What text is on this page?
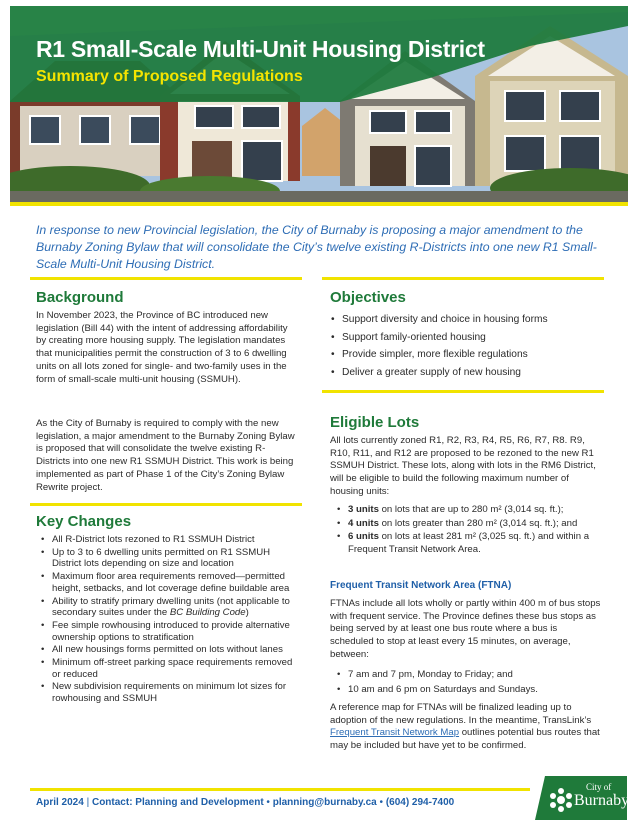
R1 Small-Scale Multi-Unit Housing District
Summary of Proposed Regulations

In response to new Provincial legislation, the City of Burnaby is proposing a major amendment to the Burnaby Zoning Bylaw that will consolidate the City’s twelve existing R-Districts into one new R1 Small-Scale Multi-Unit Housing District.

Background

In November 2023, the Province of BC introduced new legislation (Bill 44) with the intent of addressing affordability by creating more housing supply. The legislation mandates that municipalities permit the construction of 3 to 6 dwelling units on all lots zoned for single- and two-family uses in the form of small-scale multi-unit housing (SSMUH).

As the City of Burnaby is required to comply with the new legislation, a major amendment to the Burnaby Zoning Bylaw is proposed that will consolidate the twelve existing R-Districts into one new R1 SSMUH District. This work is being implemented as part of Phase 1 of the City’s Zoning Bylaw Rewrite project.

Key Changes
• All R-District lots rezoned to R1 SSMUH District
• Up to 3 to 6 dwelling units permitted on R1 SSMUH District lots depending on size and location
• Maximum floor area requirements removed—permitted height, setbacks, and lot coverage define buildable area
• Ability to stratify primary dwelling units (not applicable to secondary suites under the BC Building Code)
• Fee simple rowhousing introduced to provide alternative ownership options to stratification
• All new housings forms permitted on lots without lanes
• Minimum off-street parking space requirements removed or reduced
• New subdivision requirements on minimum lot sizes for rowhousing and SSMUH
Objectives
• Support diversity and choice in housing forms
• Support family-oriented housing
• Provide simpler, more flexible regulations
• Deliver a greater supply of new housing
Eligible Lots

All lots currently zoned R1, R2, R3, R4, R5, R6, R7, R8. R9, R10, R11, and R12 are proposed to be rezoned to the new R1 SSMUH District. These lots, along with lots in the RM6 District, will be eligible to build the following maximum number of housing units:

• 3 units on lots that are up to 280 m² (3,014 sq. ft.);
• 4 units on lots greater than 280 m² (3,014 sq. ft.); and
• 6 units on lots at least 281 m² (3,025 sq. ft.) and within a Frequent Transit Network Area.
Frequent Transit Network Area (FTNA)

FTNAs include all lots wholly or partly within 400 m of bus stops with frequent service. The Province defines these bus stops as being served by at least one bus route where a bus is scheduled to stop at least every 15 minutes, on average, between:

• 7 am and 7 pm, Monday to Friday; and
• 10 am and 6 pm on Saturdays and Sundays.

A reference map for FTNAs will be finalized leading up to adoption of the new regulations. In the meantime, TransLink’s Frequent Transit Network Map outlines potential bus routes that may be included but have yet to be confirmed.

April 2024 | Contact: Planning and Development • planning@burnaby.ca • (604) 294-7400
City of
Burnaby
